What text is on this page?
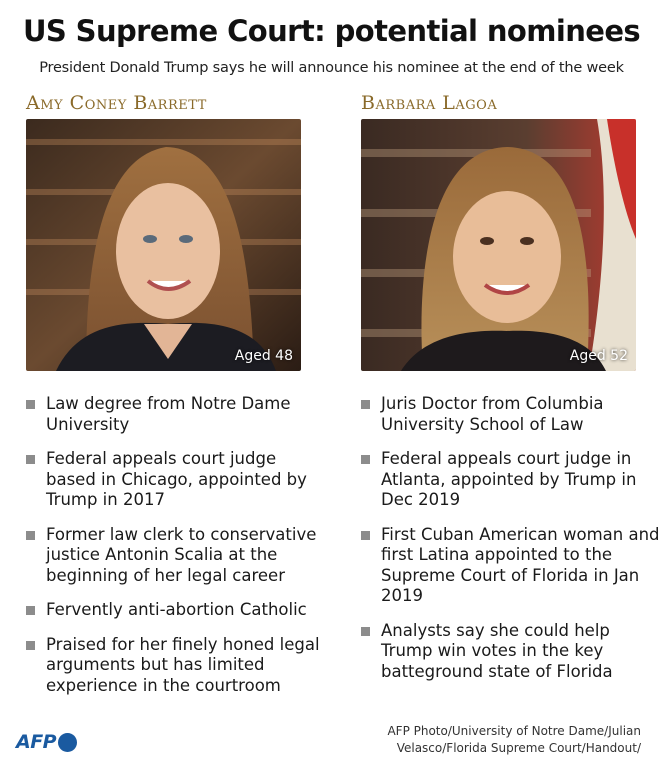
US Supreme Court: potential nominees
President Donald Trump says he will announce his nominee at the end of the week
Amy Coney Barrett
Aged 48
Law degree from Notre Dame University
Federal appeals court judge based in Chicago, appointed by Trump in 2017
Former law clerk to conservative justice Antonin Scalia at the beginning of her legal career
Fervently anti-abortion Catholic
Praised for her finely honed legal arguments but has limited experience in the courtroom
Barbara Lagoa
Aged 52
Juris Doctor from Columbia University School of Law
Federal appeals court judge in Atlanta, appointed by Trump in Dec 2019
First Cuban American woman and first Latina appointed to the Supreme Court of Florida in Jan 2019
Analysts say she could help Trump win votes in the key batteground state of Florida
AFP	AFP Photo/University of Notre Dame/Julian Velasco/Florida Supreme Court/Handout/
